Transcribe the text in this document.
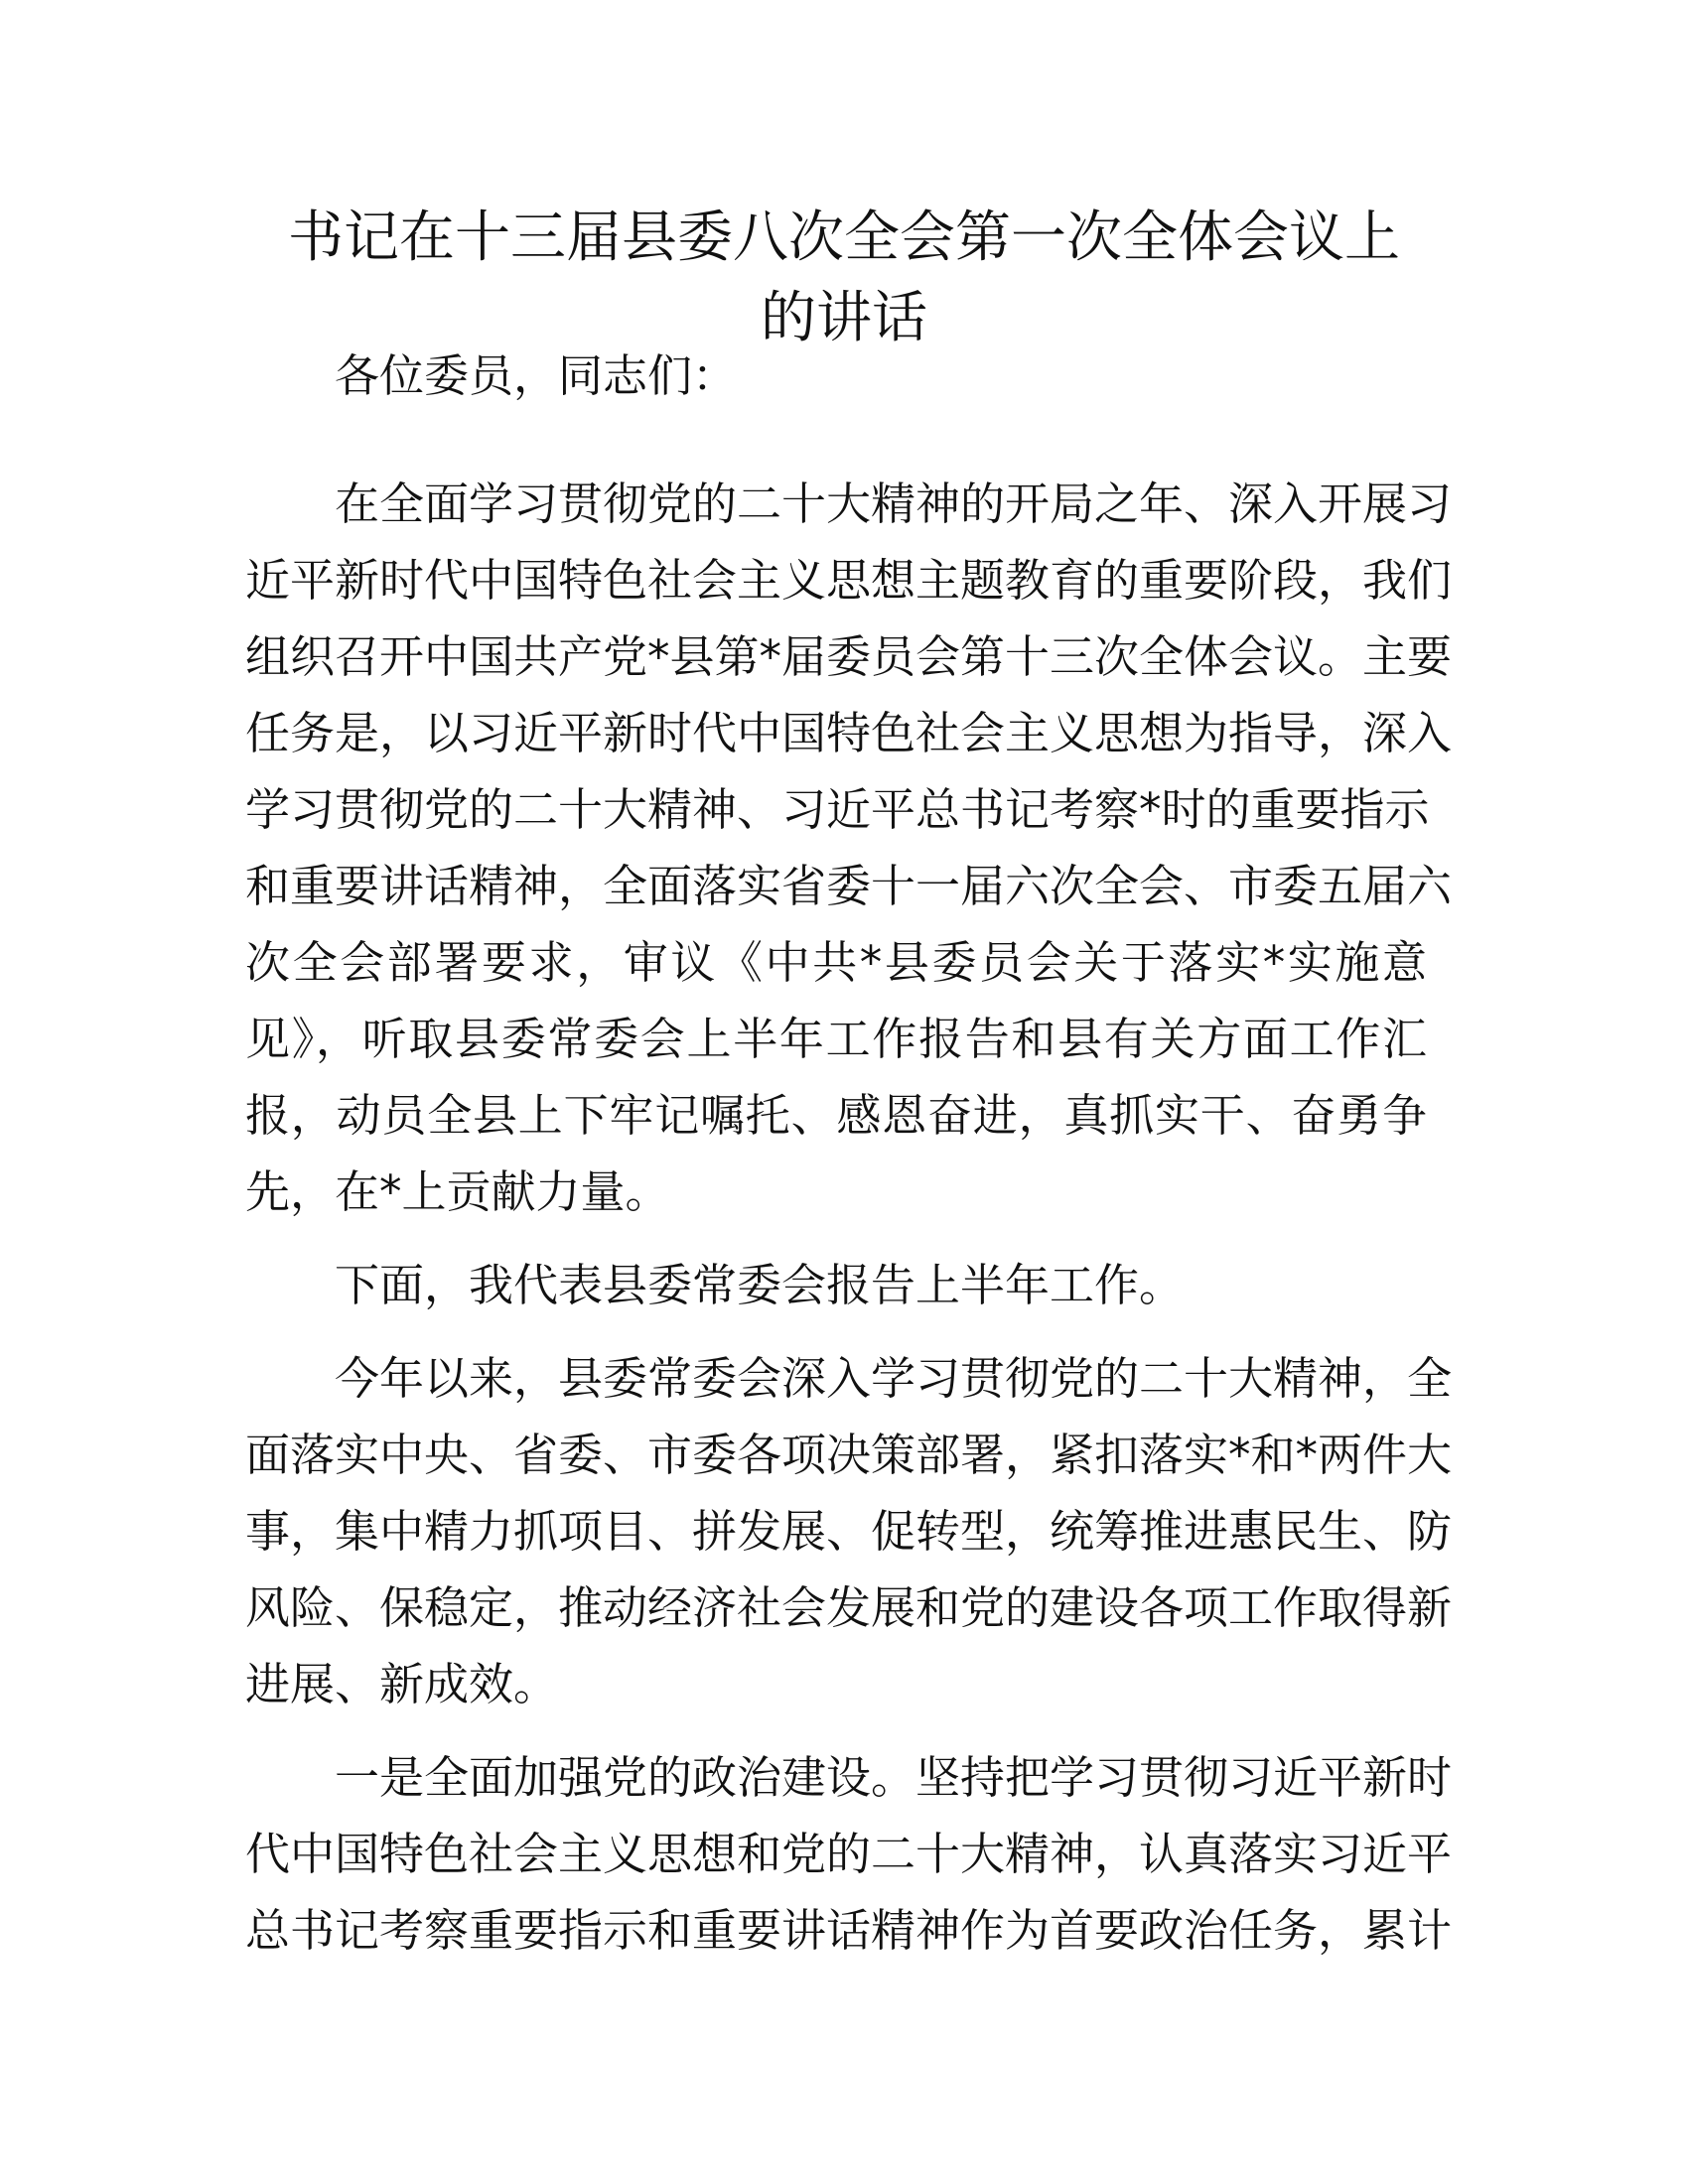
书记在十三届县委八次全会第一次全体会议上
的讲话
各位委员，同志们：
在全面学习贯彻党的二十大精神的开局之年、深入开展习
近平新时代中国特色社会主义思想主题教育的重要阶段，我们
组织召开中国共产党*县第*届委员会第十三次全体会议。主要
任务是，以习近平新时代中国特色社会主义思想为指导，深入
学习贯彻党的二十大精神、习近平总书记考察*时的重要指示
和重要讲话精神，全面落实省委十一届六次全会、市委五届六
次全会部署要求，审议《中共*县委员会关于落实*实施意
见》，听取县委常委会上半年工作报告和县有关方面工作汇
报，动员全县上下牢记嘱托、感恩奋进，真抓实干、奋勇争
先，在*上贡献力量。
下面，我代表县委常委会报告上半年工作。
今年以来，县委常委会深入学习贯彻党的二十大精神，全
面落实中央、省委、市委各项决策部署，紧扣落实*和*两件大
事，集中精力抓项目、拼发展、促转型，统筹推进惠民生、防
风险、保稳定，推动经济社会发展和党的建设各项工作取得新
进展、新成效。
一是全面加强党的政治建设。坚持把学习贯彻习近平新时
代中国特色社会主义思想和党的二十大精神，认真落实习近平
总书记考察重要指示和重要讲话精神作为首要政治任务，累计
